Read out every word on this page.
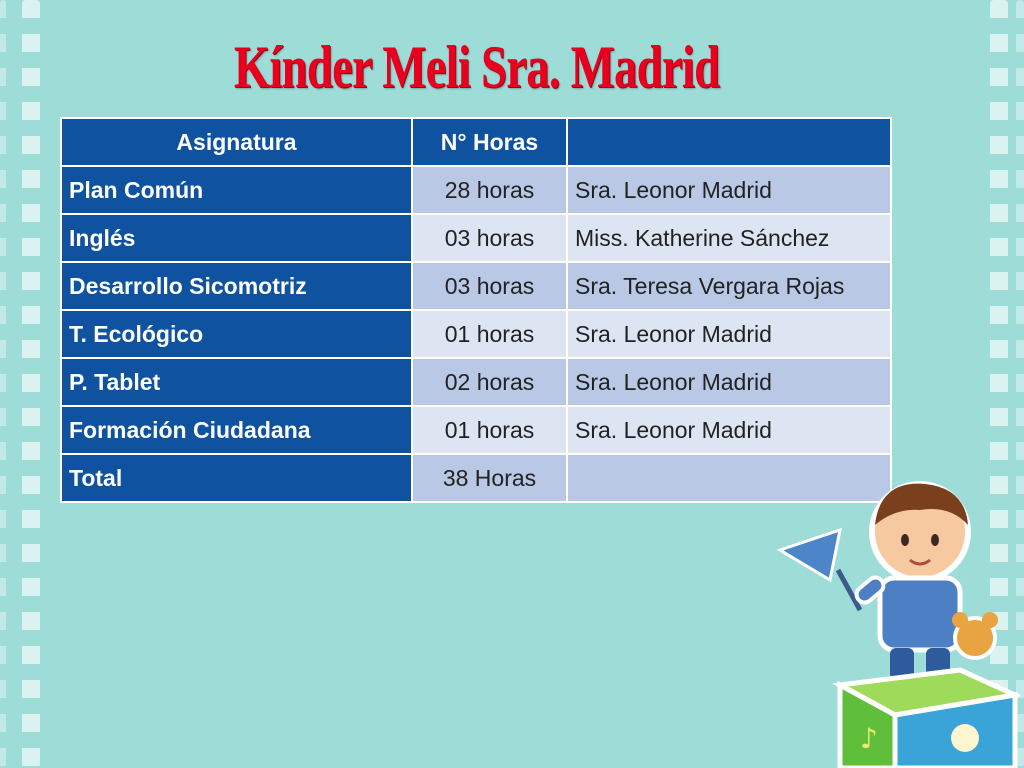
Kínder Meli Sra. Madrid
Asignatura	N° Horas	
Plan Común	28 horas	Sra. Leonor Madrid
Inglés	03 horas	Miss. Katherine Sánchez
Desarrollo Sicomotriz	03 horas	Sra. Teresa Vergara Rojas
T. Ecológico	01 horas	Sra. Leonor Madrid
P. Tablet	02 horas	Sra. Leonor Madrid
Formación Ciudadana	01 horas	Sra. Leonor Madrid
Total	38 Horas	
♪
